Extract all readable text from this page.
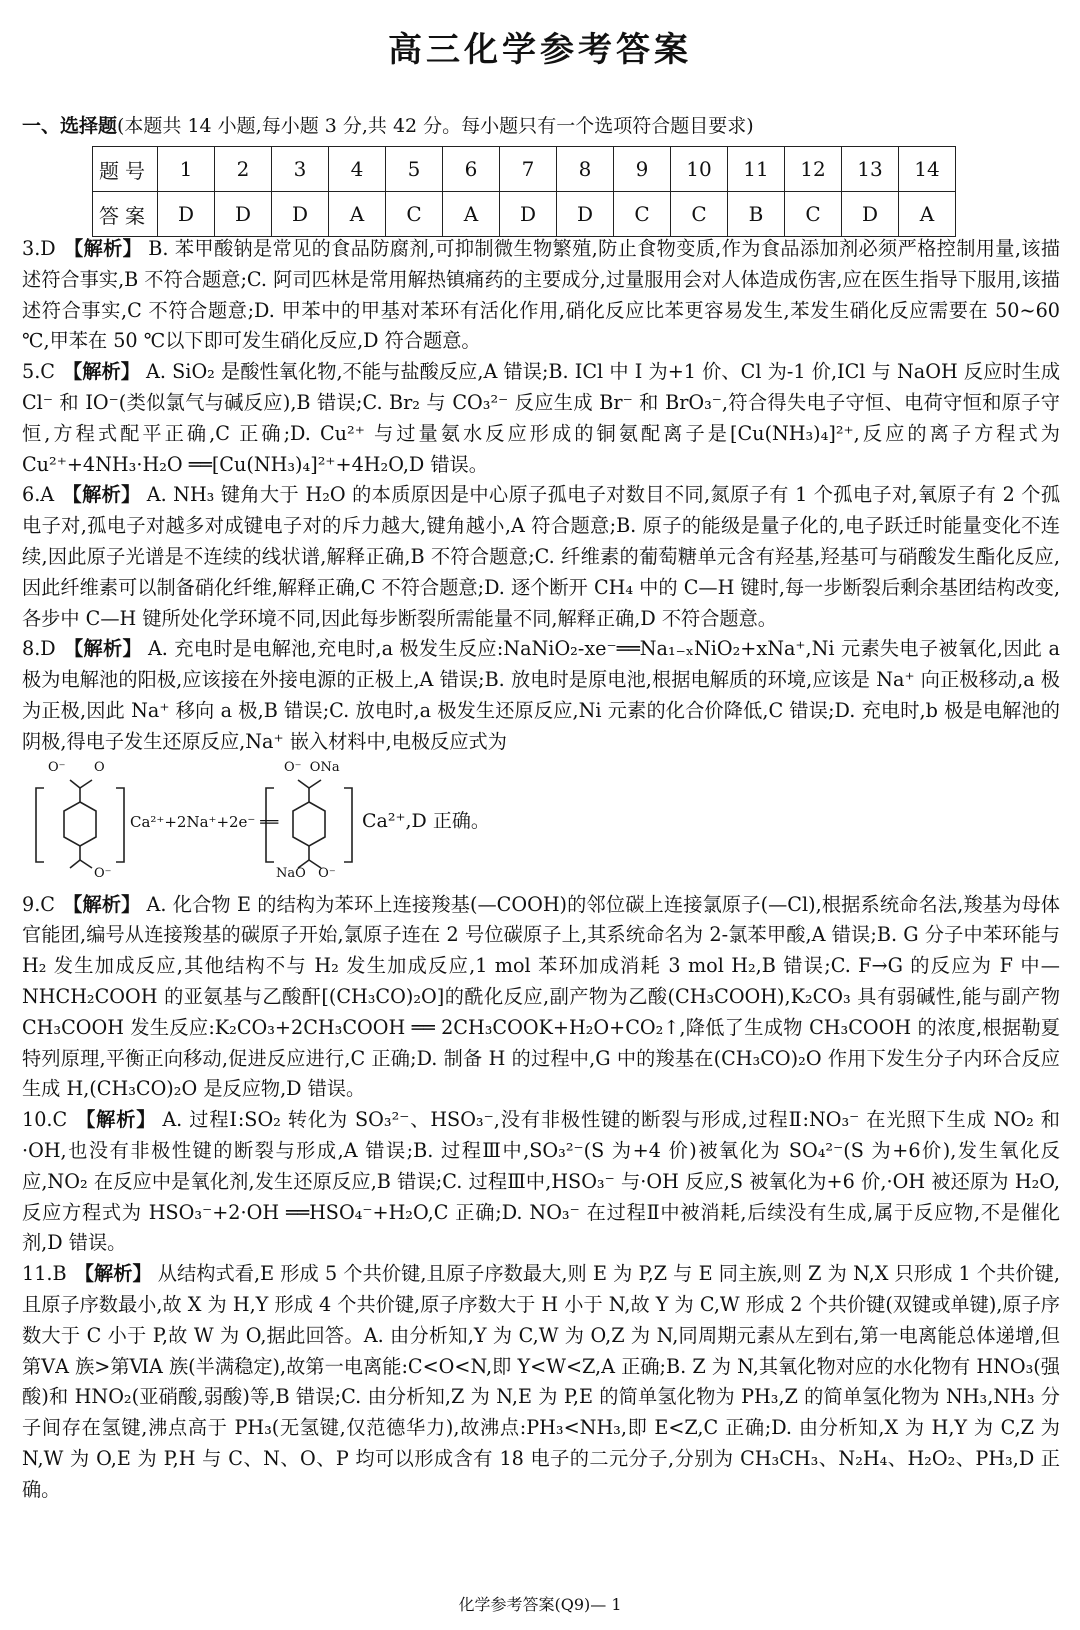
高三化学参考答案
一、选择题(本题共 14 小题,每小题 3 分,共 42 分。每小题只有一个选项符合题目要求)
题号	1	2	3	4	5	6	7	8	9	10	11	12	13	14
答案	D	D	D	A	C	A	D	D	C	C	B	C	D	A

3.D 【解析】 B. 苯甲酸钠是常见的食品防腐剂,可抑制微生物繁殖,防止食物变质,作为食品添加剂必须严格控制用量,该描述符合事实,B 不符合题意;C. 阿司匹林是常用解热镇痛药的主要成分,过量服用会对人体造成伤害,应在医生指导下服用,该描述符合事实,C 不符合题意;D. 甲苯中的甲基对苯环有活化作用,硝化反应比苯更容易发生,苯发生硝化反应需要在 50~60 ℃,甲苯在 50 ℃以下即可发生硝化反应,D 符合题意。

5.C 【解析】 A. SiO₂ 是酸性氧化物,不能与盐酸反应,A 错误;B. ICl 中 I 为+1 价、Cl 为-1 价,ICl 与 NaOH 反应时生成 Cl⁻ 和 IO⁻(类似氯气与碱反应),B 错误;C. Br₂ 与 CO₃²⁻ 反应生成 Br⁻ 和 BrO₃⁻,符合得失电子守恒、电荷守恒和原子守恒,方程式配平正确,C 正确;D. Cu²⁺ 与过量氨水反应形成的铜氨配离子是[Cu(NH₃)₄]²⁺,反应的离子方程式为 Cu²⁺+4NH₃·H₂O ══[Cu(NH₃)₄]²⁺+4H₂O,D 错误。

6.A 【解析】 A. NH₃ 键角大于 H₂O 的本质原因是中心原子孤电子对数目不同,氮原子有 1 个孤电子对,氧原子有 2 个孤电子对,孤电子对越多对成键电子对的斥力越大,键角越小,A 符合题意;B. 原子的能级是量子化的,电子跃迁时能量变化不连续,因此原子光谱是不连续的线状谱,解释正确,B 不符合题意;C. 纤维素的葡萄糖单元含有羟基,羟基可与硝酸发生酯化反应,因此纤维素可以制备硝化纤维,解释正确,C 不符合题意;D. 逐个断开 CH₄ 中的 C—H 键时,每一步断裂后剩余基团结构改变,各步中 C—H 键所处化学环境不同,因此每步断裂所需能量不同,解释正确,D 不符合题意。

8.D 【解析】 A. 充电时是电解池,充电时,a 极发生反应:NaNiO₂-xe⁻══Na₁₋ₓNiO₂+xNa⁺,Ni 元素失电子被氧化,因此 a 极为电解池的阳极,应该接在外接电源的正极上,A 错误;B. 放电时是原电池,根据电解质的环境,应该是 Na⁺ 向正极移动,a 极为正极,因此 Na⁺ 移向 a 极,B 错误;C. 放电时,a 极发生还原反应,Ni 元素的化合价降低,C 错误;D. 充电时,b 极是电解池的阴极,得电子发生还原反应,Na⁺ 嵌入材料中,电极反应式为

O⁻ O
O⁻
Ca²⁺+2Na⁺+2e⁻ ══
O⁻  ONa
NaO   O⁻
Ca²⁺,D 正确。

9.C 【解析】 A. 化合物 E 的结构为苯环上连接羧基(—COOH)的邻位碳上连接氯原子(—Cl),根据系统命名法,羧基为母体官能团,编号从连接羧基的碳原子开始,氯原子连在 2 号位碳原子上,其系统命名为 2-氯苯甲酸,A 错误;B. G 分子中苯环能与 H₂ 发生加成反应,其他结构不与 H₂ 发生加成反应,1 mol 苯环加成消耗 3 mol H₂,B 错误;C. F→G 的反应为 F 中—NHCH₂COOH 的亚氨基与乙酸酐[(CH₃CO)₂O]的酰化反应,副产物为乙酸(CH₃COOH),K₂CO₃ 具有弱碱性,能与副产物 CH₃COOH 发生反应:K₂CO₃+2CH₃COOH ══ 2CH₃COOK+H₂O+CO₂↑,降低了生成物 CH₃COOH 的浓度,根据勒夏特列原理,平衡正向移动,促进反应进行,C 正确;D. 制备 H 的过程中,G 中的羧基在(CH₃CO)₂O 作用下发生分子内环合反应生成 H,(CH₃CO)₂O 是反应物,D 错误。

10.C 【解析】 A. 过程Ⅰ:SO₂ 转化为 SO₃²⁻、HSO₃⁻,没有非极性键的断裂与形成,过程Ⅱ:NO₃⁻ 在光照下生成 NO₂ 和·OH,也没有非极性键的断裂与形成,A 错误;B. 过程Ⅲ中,SO₃²⁻(S 为+4 价)被氧化为 SO₄²⁻(S 为+6价),发生氧化反应,NO₂ 在反应中是氧化剂,发生还原反应,B 错误;C. 过程Ⅲ中,HSO₃⁻ 与·OH 反应,S 被氧化为+6 价,·OH 被还原为 H₂O,反应方程式为 HSO₃⁻+2·OH ══HSO₄⁻+H₂O,C 正确;D. NO₃⁻ 在过程Ⅱ中被消耗,后续没有生成,属于反应物,不是催化剂,D 错误。

11.B 【解析】 从结构式看,E 形成 5 个共价键,且原子序数最大,则 E 为 P,Z 与 E 同主族,则 Z 为 N,X 只形成 1 个共价键,且原子序数最小,故 X 为 H,Y 形成 4 个共价键,原子序数大于 H 小于 N,故 Y 为 C,W 形成 2 个共价键(双键或单键),原子序数大于 C 小于 P,故 W 为 O,据此回答。A. 由分析知,Y 为 C,W 为 O,Z 为 N,同周期元素从左到右,第一电离能总体递增,但第ⅤA 族>第ⅥA 族(半满稳定),故第一电离能:C<O<N,即 Y<W<Z,A 正确;B. Z 为 N,其氧化物对应的水化物有 HNO₃(强酸)和 HNO₂(亚硝酸,弱酸)等,B 错误;C. 由分析知,Z 为 N,E 为 P,E 的简单氢化物为 PH₃,Z 的简单氢化物为 NH₃,NH₃ 分子间存在氢键,沸点高于 PH₃(无氢键,仅范德华力),故沸点:PH₃<NH₃,即 E<Z,C 正确;D. 由分析知,X 为 H,Y 为 C,Z 为 N,W 为 O,E 为 P,H 与 C、N、O、P 均可以形成含有 18 电子的二元分子,分别为 CH₃CH₃、N₂H₄、H₂O₂、PH₃,D 正确。

化学参考答案(Q9)— 1
